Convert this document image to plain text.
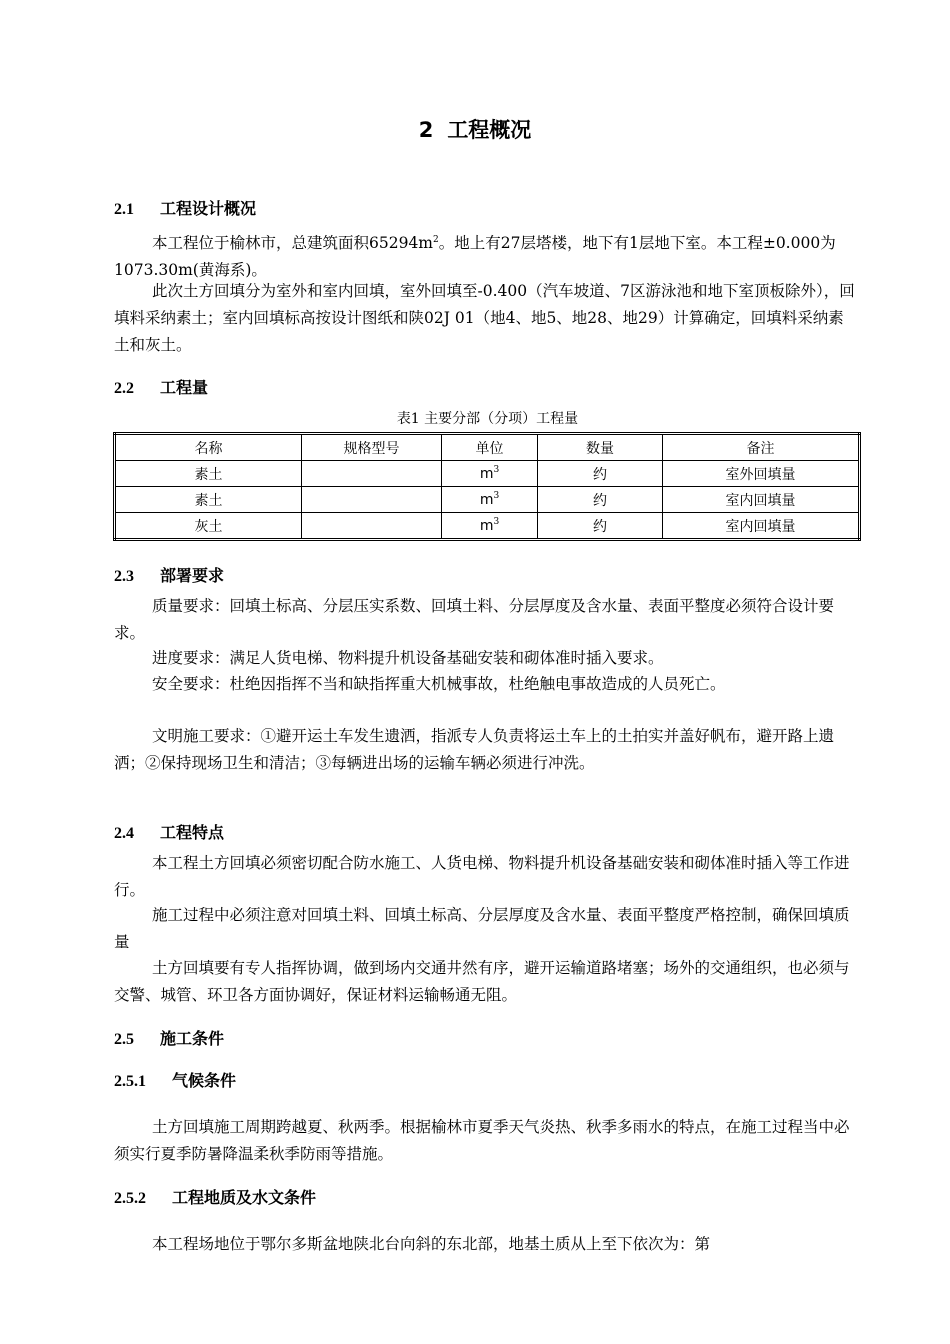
2 工程概况
2.1 工程设计概况

本工程位于榆林市，总建筑面积$65294m^2$。地上有27层塔楼，地下有1层地下室。本工程±0.000为1073.30m(黄海系)。

此次土方回填分为室外和室内回填，室外回填至-0.400（汽车坡道、7区游泳池和地下室顶板除外），回填料采纳素土；室内回填标高按设计图纸和陕02J 01（地4、地5、地28、地29）计算确定，回填料采纳素土和灰土。

2.2 工程量
表1 主要分部（分项）工程量
名称	规格型号	单位	数量	备注
素土		$m^3$	约	室外回填量
素土		$m^3$	约	室内回填量
灰土		$m^3$	约	室内回填量
2.3 部署要求

质量要求：回填土标高、分层压实系数、回填土料、分层厚度及含水量、表面平整度必须符合设计要求。

进度要求：满足人货电梯、物料提升机设备基础安装和砌体准时插入要求。

安全要求：杜绝因指挥不当和缺指挥重大机械事故，杜绝触电事故造成的人员死亡。

文明施工要求：①避开运土车发生遗洒，指派专人负责将运土车上的土拍实并盖好帆布，避开路上遗洒；②保持现场卫生和清洁；③每辆进出场的运输车辆必须进行冲洗。

2.4 工程特点

本工程土方回填必须密切配合防水施工、人货电梯、物料提升机设备基础安装和砌体准时插入等工作进行。

施工过程中必须注意对回填土料、回填土标高、分层厚度及含水量、表面平整度严格控制，确保回填质量

土方回填要有专人指挥协调，做到场内交通井然有序，避开运输道路堵塞；场外的交通组织，也必须与交警、城管、环卫各方面协调好，保证材料运输畅通无阻。

2.5 施工条件
2.5.1 气候条件

土方回填施工周期跨越夏、秋两季。根据榆林市夏季天气炎热、秋季多雨水的特点，在施工过程当中必须实行夏季防暑降温柔秋季防雨等措施。

2.5.2 工程地质及水文条件

本工程场地位于鄂尔多斯盆地陕北台向斜的东北部，地基土质从上至下依次为：第
